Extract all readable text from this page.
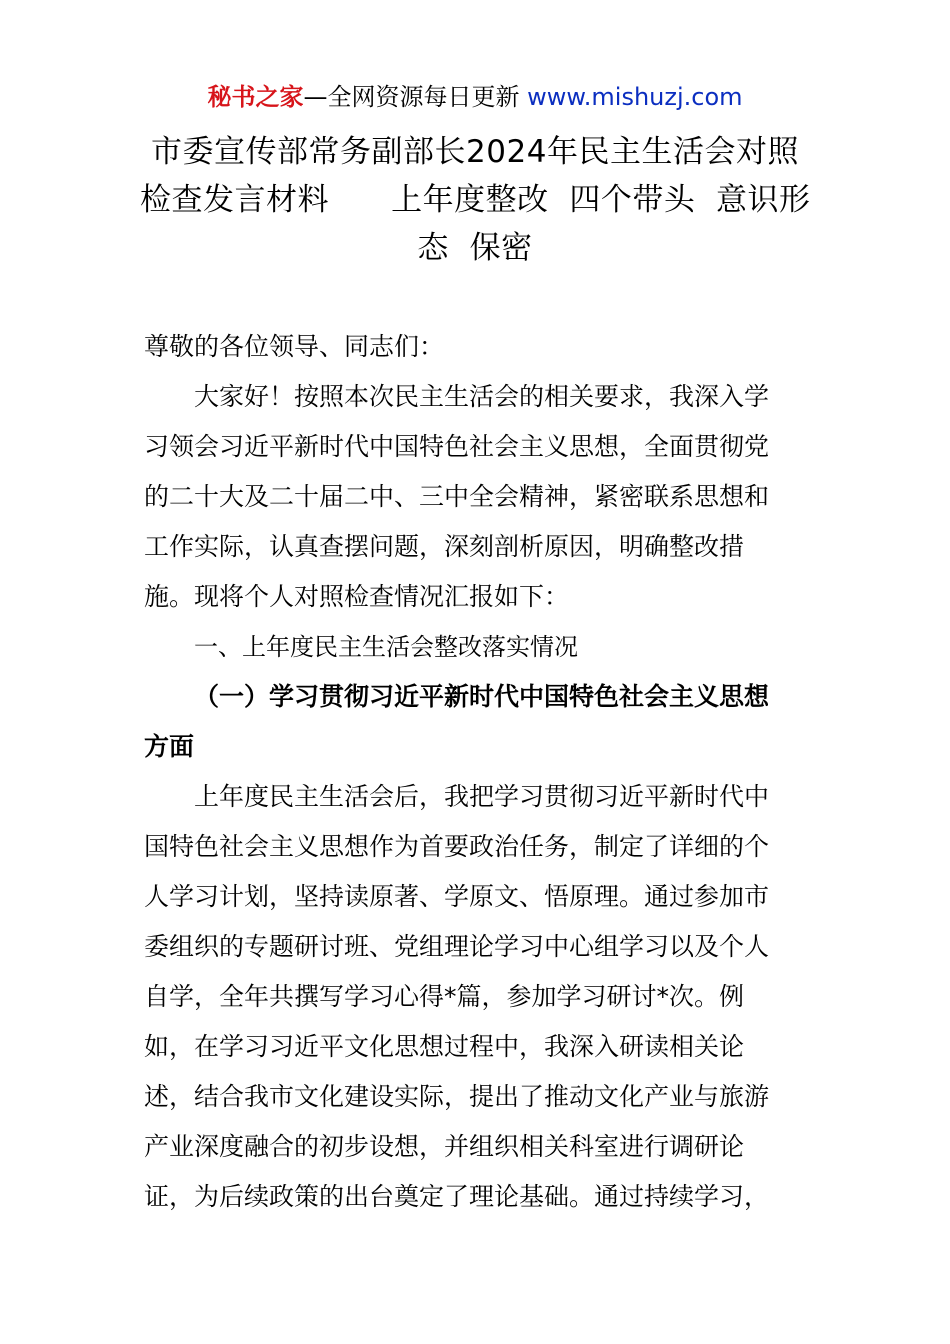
秘书之家—全网资源每日更新 www.mishuzj.com
市委宣传部常务副部长2024年民主生活会对照
检查发言材料      上年度整改  四个带头  意识形
态  保密

尊敬的各位领导、同志们：

大家好！按照本次民主生活会的相关要求，我深入学
习领会习近平新时代中国特色社会主义思想，全面贯彻党
的二十大及二十届二中、三中全会精神，紧密联系思想和
工作实际，认真查摆问题，深刻剖析原因，明确整改措
施。现将个人对照检查情况汇报如下：

一、上年度民主生活会整改落实情况

（一）学习贯彻习近平新时代中国特色社会主义思想
方面

上年度民主生活会后，我把学习贯彻习近平新时代中
国特色社会主义思想作为首要政治任务，制定了详细的个
人学习计划，坚持读原著、学原文、悟原理。通过参加市
委组织的专题研讨班、党组理论学习中心组学习以及个人
自学，全年共撰写学习心得*篇，参加学习研讨*次。例
如，在学习习近平文化思想过程中，我深入研读相关论
述，结合我市文化建设实际，提出了推动文化产业与旅游
产业深度融合的初步设想，并组织相关科室进行调研论
证，为后续政策的出台奠定了理论基础。通过持续学习，
